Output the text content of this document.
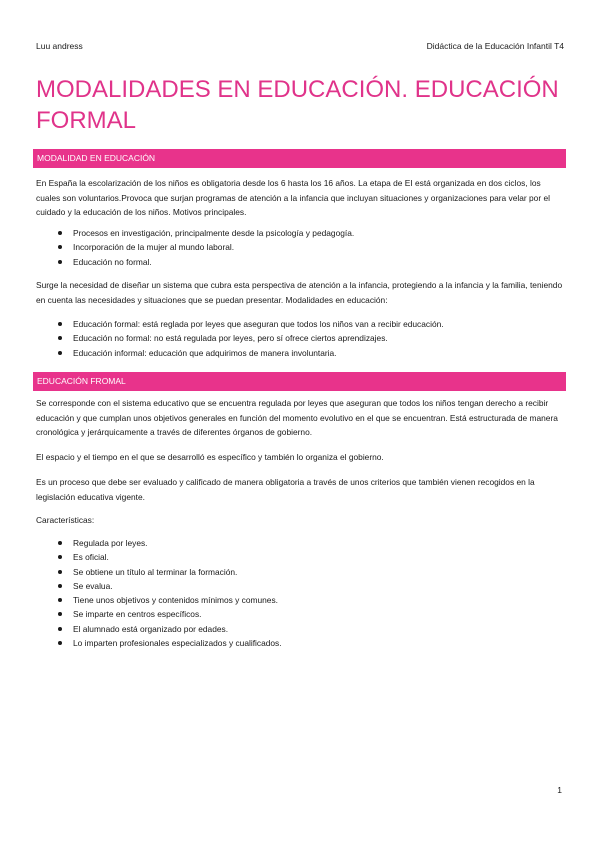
Luu andress	Didáctica de la Educación Infantil T4
MODALIDADES EN EDUCACIÓN. EDUCACIÓN FORMAL
MODALIDAD EN EDUCACIÓN

En España la escolarización de los niños es obligatoria desde los 6 hasta los 16 años. La etapa de EI está organizada en dos ciclos, los cuales son voluntarios.Provoca que surjan programas de atención a la infancia que incluyan situaciones y organizaciones para velar por el cuidado y la educación de los niños. Motivos principales.

Procesos en investigación, principalmente desde la psicología y pedagogía.
Incorporación de la mujer al mundo laboral.
Educación no formal.

Surge la necesidad de diseñar un sistema que cubra esta perspectiva de atención a la infancia, protegiendo a la infancia y la familia, teniendo en cuenta las necesidades y situaciones que se puedan presentar. Modalidades en educación:

Educación formal: está reglada por leyes que aseguran que todos los niños van a recibir educación.
Educación no formal: no está regulada por leyes, pero sí ofrece ciertos aprendizajes.
Educación informal: educación que adquirimos de manera involuntaria.
EDUCACIÓN FROMAL

Se corresponde con el sistema educativo que se encuentra regulada por leyes que aseguran que todos los niños tengan derecho a recibir educación y que cumplan unos objetivos generales en función del momento evolutivo en el que se encuentran. Está estructurada de manera cronológica y jerárquicamente a través de diferentes órganos de gobierno.

El espacio y el tiempo en el que se desarrolló es específico y también lo organiza el gobierno.

Es un proceso que debe ser evaluado y calificado de manera obligatoria a través de unos criterios que también vienen recogidos en la legislación educativa vigente.

Características:

Regulada por leyes.
Es oficial.
Se obtiene un título al terminar la formación.
Se evalua.
Tiene unos objetivos y contenidos mínimos y comunes.
Se imparte en centros específicos.
El alumnado está organizado por edades.
Lo imparten profesionales especializados y cualificados.
1
